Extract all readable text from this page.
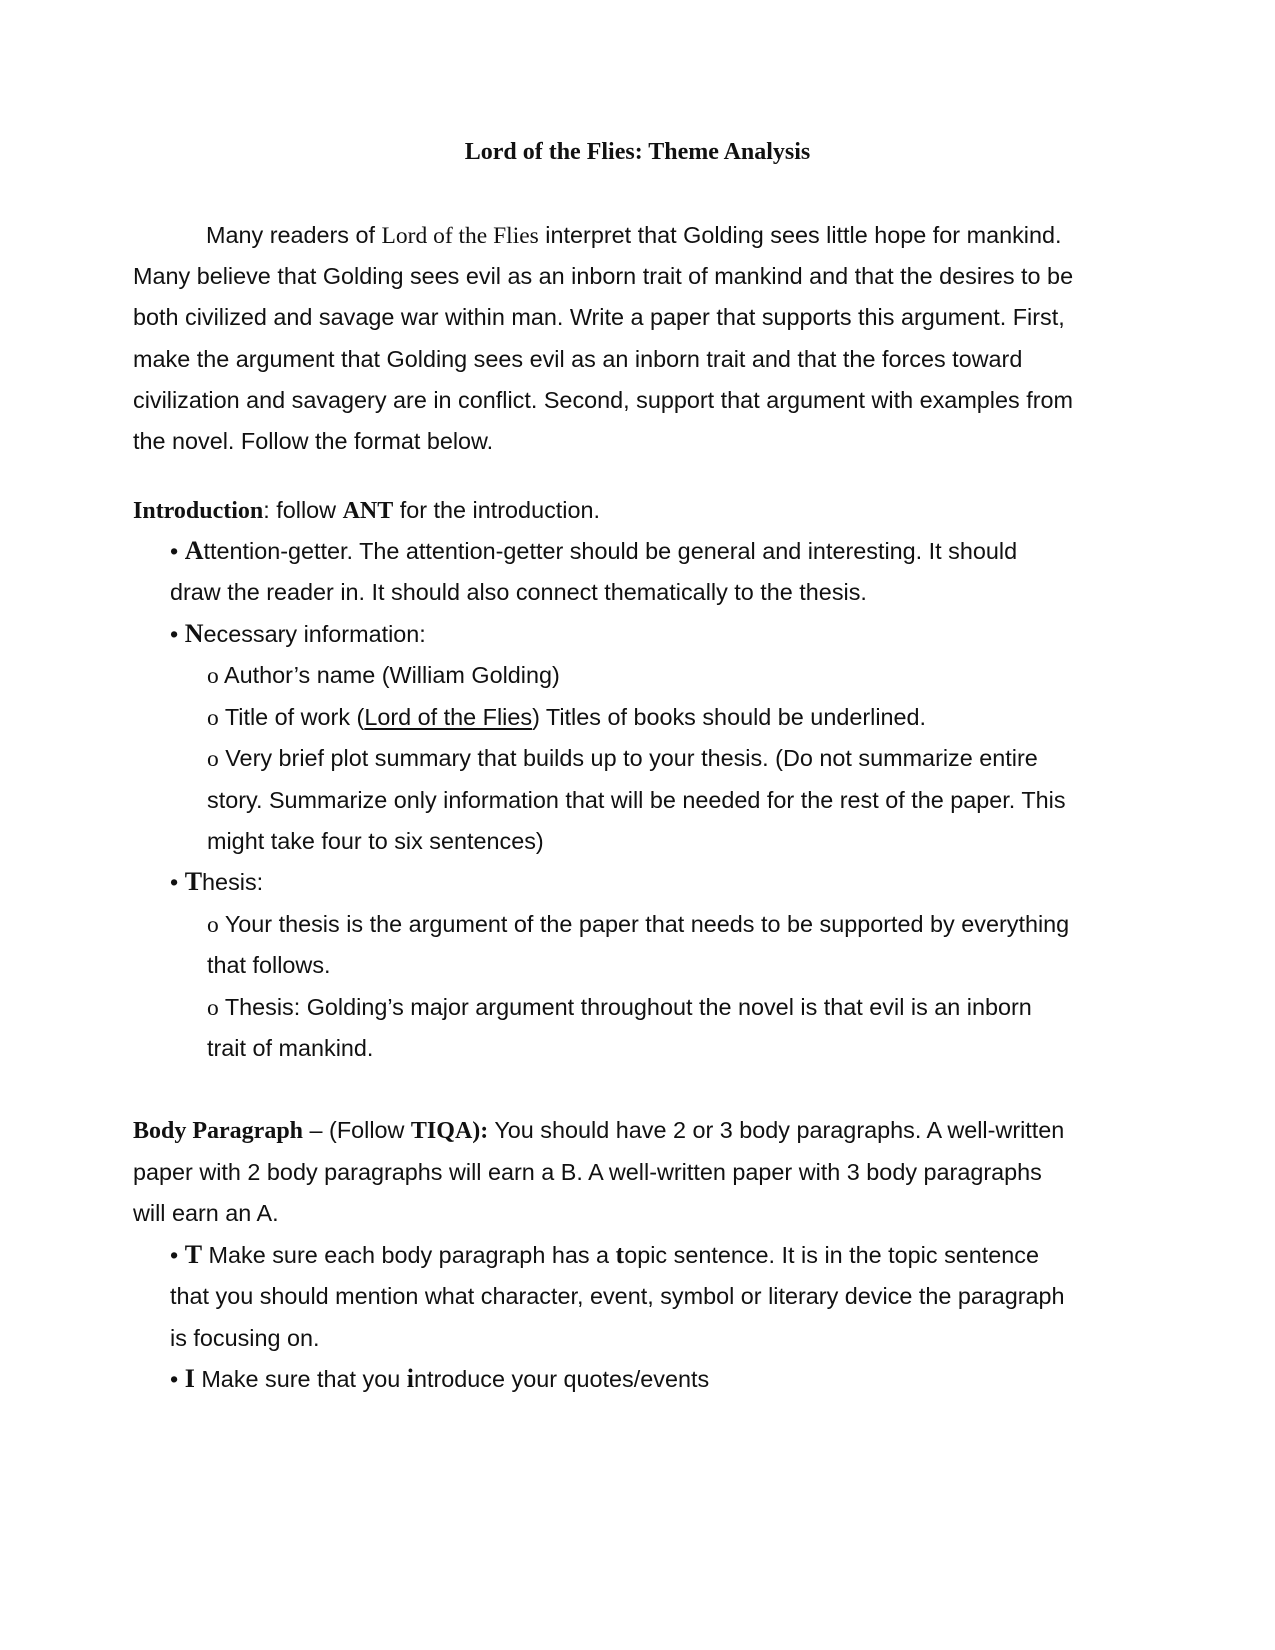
Lord of the Flies: Theme Analysis
Many readers of Lord of the Flies interpret that Golding sees little hope for mankind.
Many believe that Golding sees evil as an inborn trait of mankind and that the desires to be
both civilized and savage war within man. Write a paper that supports this argument. First,
make the argument that Golding sees evil as an inborn trait and that the forces toward
civilization and savagery are in conflict. Second, support that argument with examples from
the novel. Follow the format below.
Introduction: follow ANT for the introduction.
• Attention-getter. The attention-getter should be general and interesting. It should
draw the reader in. It should also connect thematically to the thesis.
• Necessary information:
o Author’s name (William Golding)
o Title of work (Lord of the Flies) Titles of books should be underlined.
o Very brief plot summary that builds up to your thesis. (Do not summarize entire
story. Summarize only information that will be needed for the rest of the paper. This
might take four to six sentences)
• Thesis:
o Your thesis is the argument of the paper that needs to be supported by everything
that follows.
o Thesis: Golding’s major argument throughout the novel is that evil is an inborn
trait of mankind.
Body Paragraph – (Follow TIQA): You should have 2 or 3 body paragraphs. A well-written
paper with 2 body paragraphs will earn a B. A well-written paper with 3 body paragraphs
will earn an A.
• T Make sure each body paragraph has a topic sentence. It is in the topic sentence
that you should mention what character, event, symbol or literary device the paragraph
is focusing on.
• I Make sure that you introduce your quotes/events
